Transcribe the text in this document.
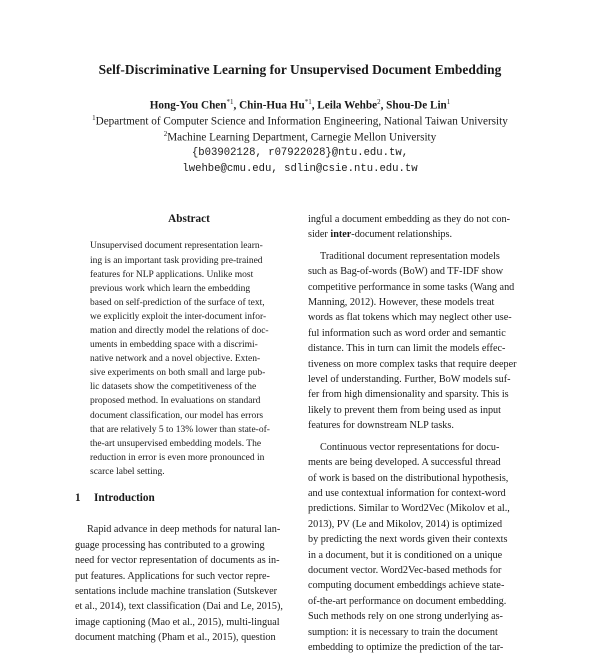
Self-Discriminative Learning for Unsupervised Document Embedding
Hong-You Chen$^{*1}$, Chin-Hua Hu$^{*1}$, Leila Wehbe$^2$, Shou-De Lin$^1$
$^1$Department of Computer Science and Information Engineering, National Taiwan University
$^2$Machine Learning Department, Carnegie Mellon University
{b03902128, r07922028}@ntu.edu.tw,
lwehbe@cmu.edu, sdlin@csie.ntu.edu.tw
Abstract
Unsupervised document representation learn-
ing is an important task providing pre-trained
features for NLP applications. Unlike most
previous work which learn the embedding
based on self-prediction of the surface of text,
we explicitly exploit the inter-document infor-
mation and directly model the relations of doc-
uments in embedding space with a discrimi-
native network and a novel objective. Exten-
sive experiments on both small and large pub-
lic datasets show the competitiveness of the
proposed method. In evaluations on standard
document classification, our model has errors
that are relatively 5 to 13% lower than state-of-
the-art unsupervised embedding models. The
reduction in error is even more pronounced in
scarce label setting.
1 Introduction
Rapid advance in deep methods for natural lan-
guage processing has contributed to a growing
need for vector representation of documents as in-
put features. Applications for such vector repre-
sentations include machine translation (Sutskever
et al., 2014), text classification (Dai and Le, 2015),
image captioning (Mao et al., 2015), multi-lingual
document matching (Pham et al., 2015), question
ingful a document embedding as they do not con-
sider inter-document relationships.
Traditional document representation models
such as Bag-of-words (BoW) and TF-IDF show
competitive performance in some tasks (Wang and
Manning, 2012). However, these models treat
words as flat tokens which may neglect other use-
ful information such as word order and semantic
distance. This in turn can limit the models effec-
tiveness on more complex tasks that require deeper
level of understanding. Further, BoW models suf-
fer from high dimensionality and sparsity. This is
likely to prevent them from being used as input
features for downstream NLP tasks.
Continuous vector representations for docu-
ments are being developed. A successful thread
of work is based on the distributional hypothesis,
and use contextual information for context-word
predictions. Similar to Word2Vec (Mikolov et al.,
2013), PV (Le and Mikolov, 2014) is optimized
by predicting the next words given their contexts
in a document, but it is conditioned on a unique
document vector. Word2Vec-based methods for
computing document embeddings achieve state-
of-the-art performance on document embedding.
Such methods rely on one strong underlying as-
sumption: it is necessary to train the document
embedding to optimize the prediction of the tar-
